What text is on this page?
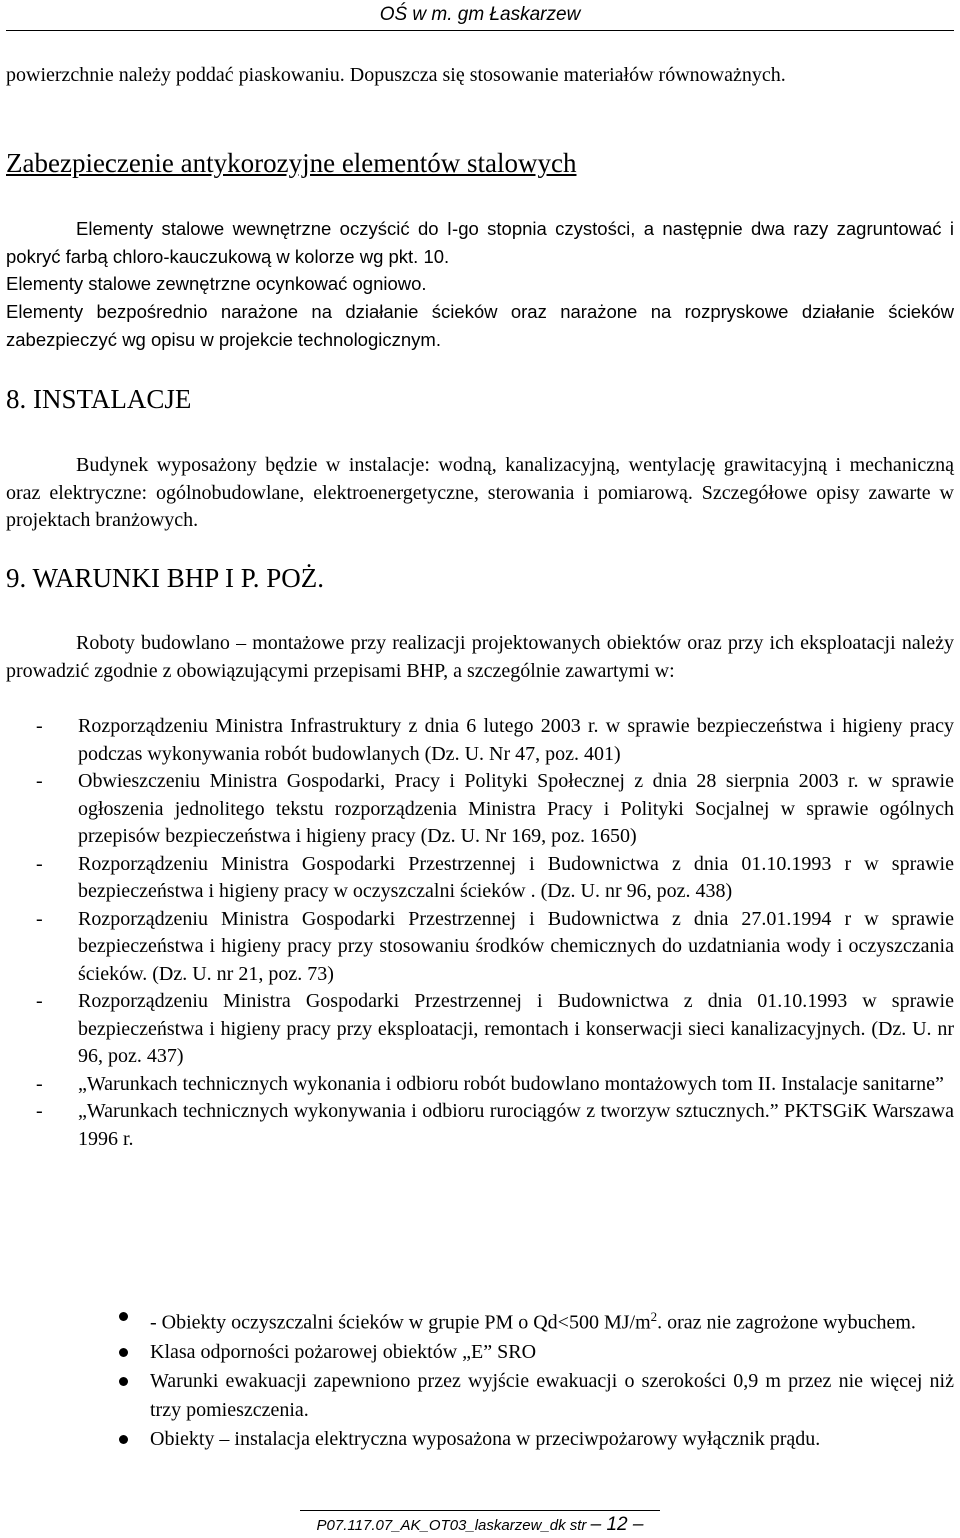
OŚ w m. gm Łaskarzew

powierzchnie należy poddać piaskowaniu. Dopuszcza się stosowanie materiałów równoważnych.

Zabezpieczenie antykorozyjne elementów stalowych

Elementy stalowe wewnętrzne oczyścić do I-go stopnia czystości, a następnie dwa razy zagruntować i pokryć farbą chloro-kauczukową w kolorze wg pkt. 10.

Elementy stalowe zewnętrzne ocynkować ogniowo.

Elementy bezpośrednio narażone na działanie ścieków oraz narażone na rozpryskowe działanie ścieków zabezpieczyć wg opisu w projekcie technologicznym.

8. INSTALACJE

Budynek wyposażony będzie w instalacje: wodną, kanalizacyjną, wentylację grawitacyjną i mechaniczną oraz elektryczne: ogólnobudowlane, elektroenergetyczne, sterowania i pomiarową. Szczegółowe opisy zawarte w projektach branżowych.

9. WARUNKI BHP I P. POŻ.

Roboty budowlano – montażowe przy realizacji projektowanych obiektów oraz przy ich eksploatacji należy prowadzić zgodnie z obowiązującymi przepisami BHP, a szczególnie zawartymi w:

- Rozporządzeniu Ministra Infrastruktury z dnia 6 lutego 2003 r. w sprawie bezpieczeństwa i higieny pracy podczas wykonywania robót budowlanych (Dz. U. Nr 47, poz. 401)
- Obwieszczeniu Ministra Gospodarki, Pracy i Polityki Społecznej z dnia 28 sierpnia 2003 r. w sprawie ogłoszenia jednolitego tekstu rozporządzenia Ministra Pracy i Polityki Socjalnej w sprawie ogólnych przepisów bezpieczeństwa i higieny pracy (Dz. U. Nr 169, poz. 1650)
- Rozporządzeniu Ministra Gospodarki Przestrzennej i Budownictwa z dnia 01.10.1993 r w sprawie bezpieczeństwa i higieny pracy w oczyszczalni ścieków . (Dz. U. nr 96, poz. 438)
- Rozporządzeniu Ministra Gospodarki Przestrzennej i Budownictwa z dnia 27.01.1994 r w sprawie bezpieczeństwa i higieny pracy przy stosowaniu środków chemicznych do uzdatniania wody i oczyszczania ścieków. (Dz. U. nr 21, poz. 73)
- Rozporządzeniu Ministra Gospodarki Przestrzennej i Budownictwa z dnia 01.10.1993 w sprawie bezpieczeństwa i higieny pracy przy eksploatacji, remontach i konserwacji sieci kanalizacyjnych. (Dz. U. nr 96, poz. 437)
- „Warunkach technicznych wykonania i odbioru robót budowlano montażowych tom II. Instalacje sanitarne”
- „Warunkach technicznych wykonywania i odbioru rurociągów z tworzyw sztucznych.” PKTSGiK Warszawa 1996 r.
- Obiekty oczyszczalni ścieków w grupie PM o Qd<500 $MJ/m^2$. oraz nie zagrożone wybuchem.
Klasa odporności pożarowej obiektów „E” SRO
Warunki ewakuacji zapewniono przez wyjście ewakuacji o szerokości 0,9 m przez nie więcej niż trzy pomieszczenia.
Obiekty – instalacja elektryczna wyposażona w przeciwpożarowy wyłącznik prądu.
P07.117.07_AK_OT03_laskarzew_dk str – 12 –
